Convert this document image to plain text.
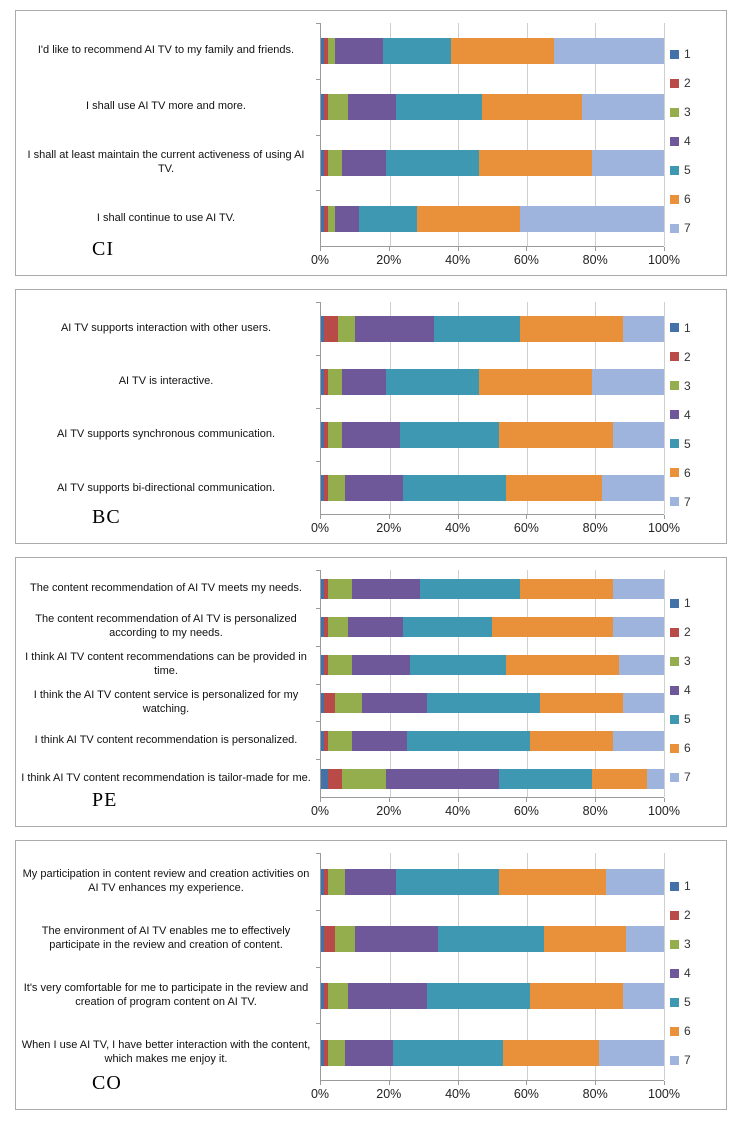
I'd like to recommend AI TV to my family and friends.
I shall use AI TV more and more.
I shall at least maintain the current activeness of using AI TV.
I shall continue to use AI TV.
0%	20%	40%	60%	80%	100%
1
2
3
4
5
6
7
CI
AI TV supports interaction with other users.
AI TV is interactive.
AI TV supports synchronous communication.
AI TV supports bi-directional communication.
0%	20%	40%	60%	80%	100%
1
2
3
4
5
6
7
BC
The content recommendation of AI TV meets my needs.
The content recommendation of AI TV is personalized according to my needs.
I think AI TV content recommendations can be provided in time.
I think the AI TV content service is personalized for my watching.
I think AI TV content recommendation is personalized.
I think AI TV content recommendation is tailor-made for me.
0%	20%	40%	60%	80%	100%
1
2
3
4
5
6
7
PE
My participation in content review and creation activities on AI TV enhances my experience.
The environment of AI TV enables me to effectively participate in the review and creation of content.
It's very comfortable for me to participate in the review and creation of program content on AI TV.
When I use AI TV, I have better interaction with the content, which makes me enjoy it.
0%	20%	40%	60%	80%	100%
1
2
3
4
5
6
7
CO
